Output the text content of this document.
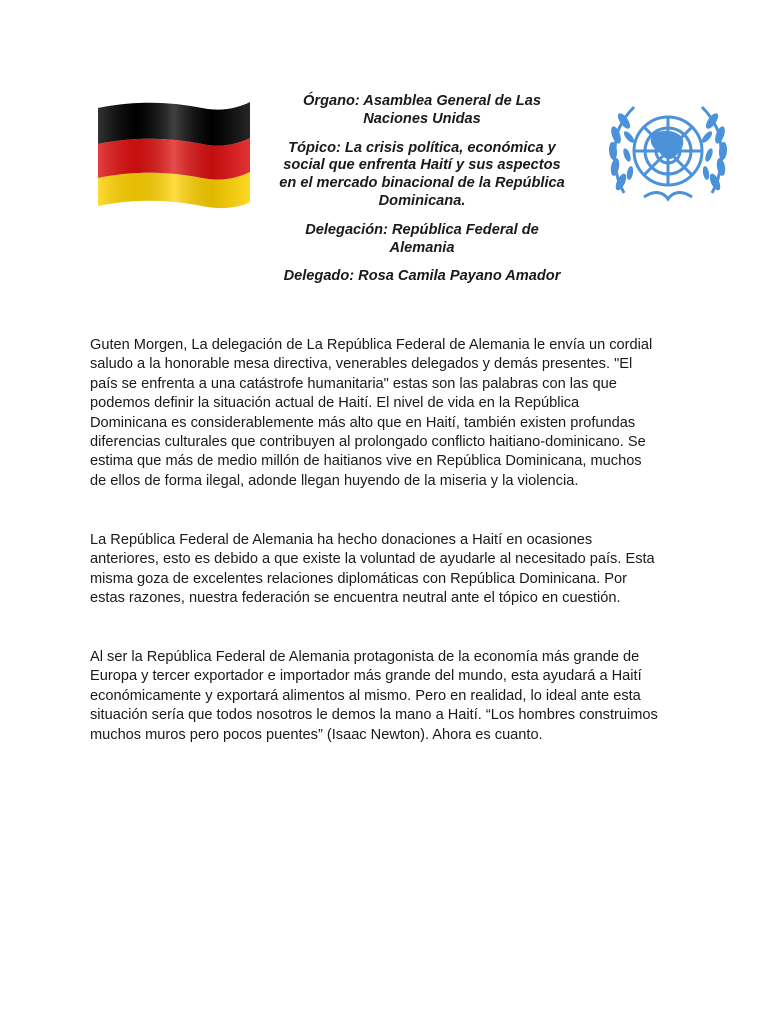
Órgano: Asamblea General de Las
Naciones Unidas

Tópico: La crisis política, económica y
social que enfrenta Haití y sus aspectos
en el mercado binacional de la República
Dominicana.

Delegación: República Federal de
Alemania

Delegado: Rosa Camila Payano Amador

Guten Morgen, La delegación de La República Federal de Alemania le envía un cordial
saludo a la honorable mesa directiva, venerables delegados y demás presentes. "El
país se enfrenta a una catástrofe humanitaria" estas son las palabras con las que
podemos definir la situación actual de Haití. El nivel de vida en la República
Dominicana es considerablemente más alto que en Haití, también existen profundas
diferencias culturales que contribuyen al prolongado conflicto haitiano-dominicano. Se
estima que más de medio millón de haitianos vive en República Dominicana, muchos
de ellos de forma ilegal, adonde llegan huyendo de la miseria y la violencia.

La República Federal de Alemania ha hecho donaciones a Haití en ocasiones
anteriores, esto es debido a que existe la voluntad de ayudarle al necesitado país. Esta
misma goza de excelentes relaciones diplomáticas con República Dominicana. Por
estas razones, nuestra federación se encuentra neutral ante el tópico en cuestión.

Al ser la República Federal de Alemania protagonista de la economía más grande de
Europa y tercer exportador e importador más grande del mundo, esta ayudará a Haití
económicamente y exportará alimentos al mismo. Pero en realidad, lo ideal ante esta
situación sería que todos nosotros le demos la mano a Haití. “Los hombres construimos
muchos muros pero pocos puentes” (Isaac Newton). Ahora es cuanto.
